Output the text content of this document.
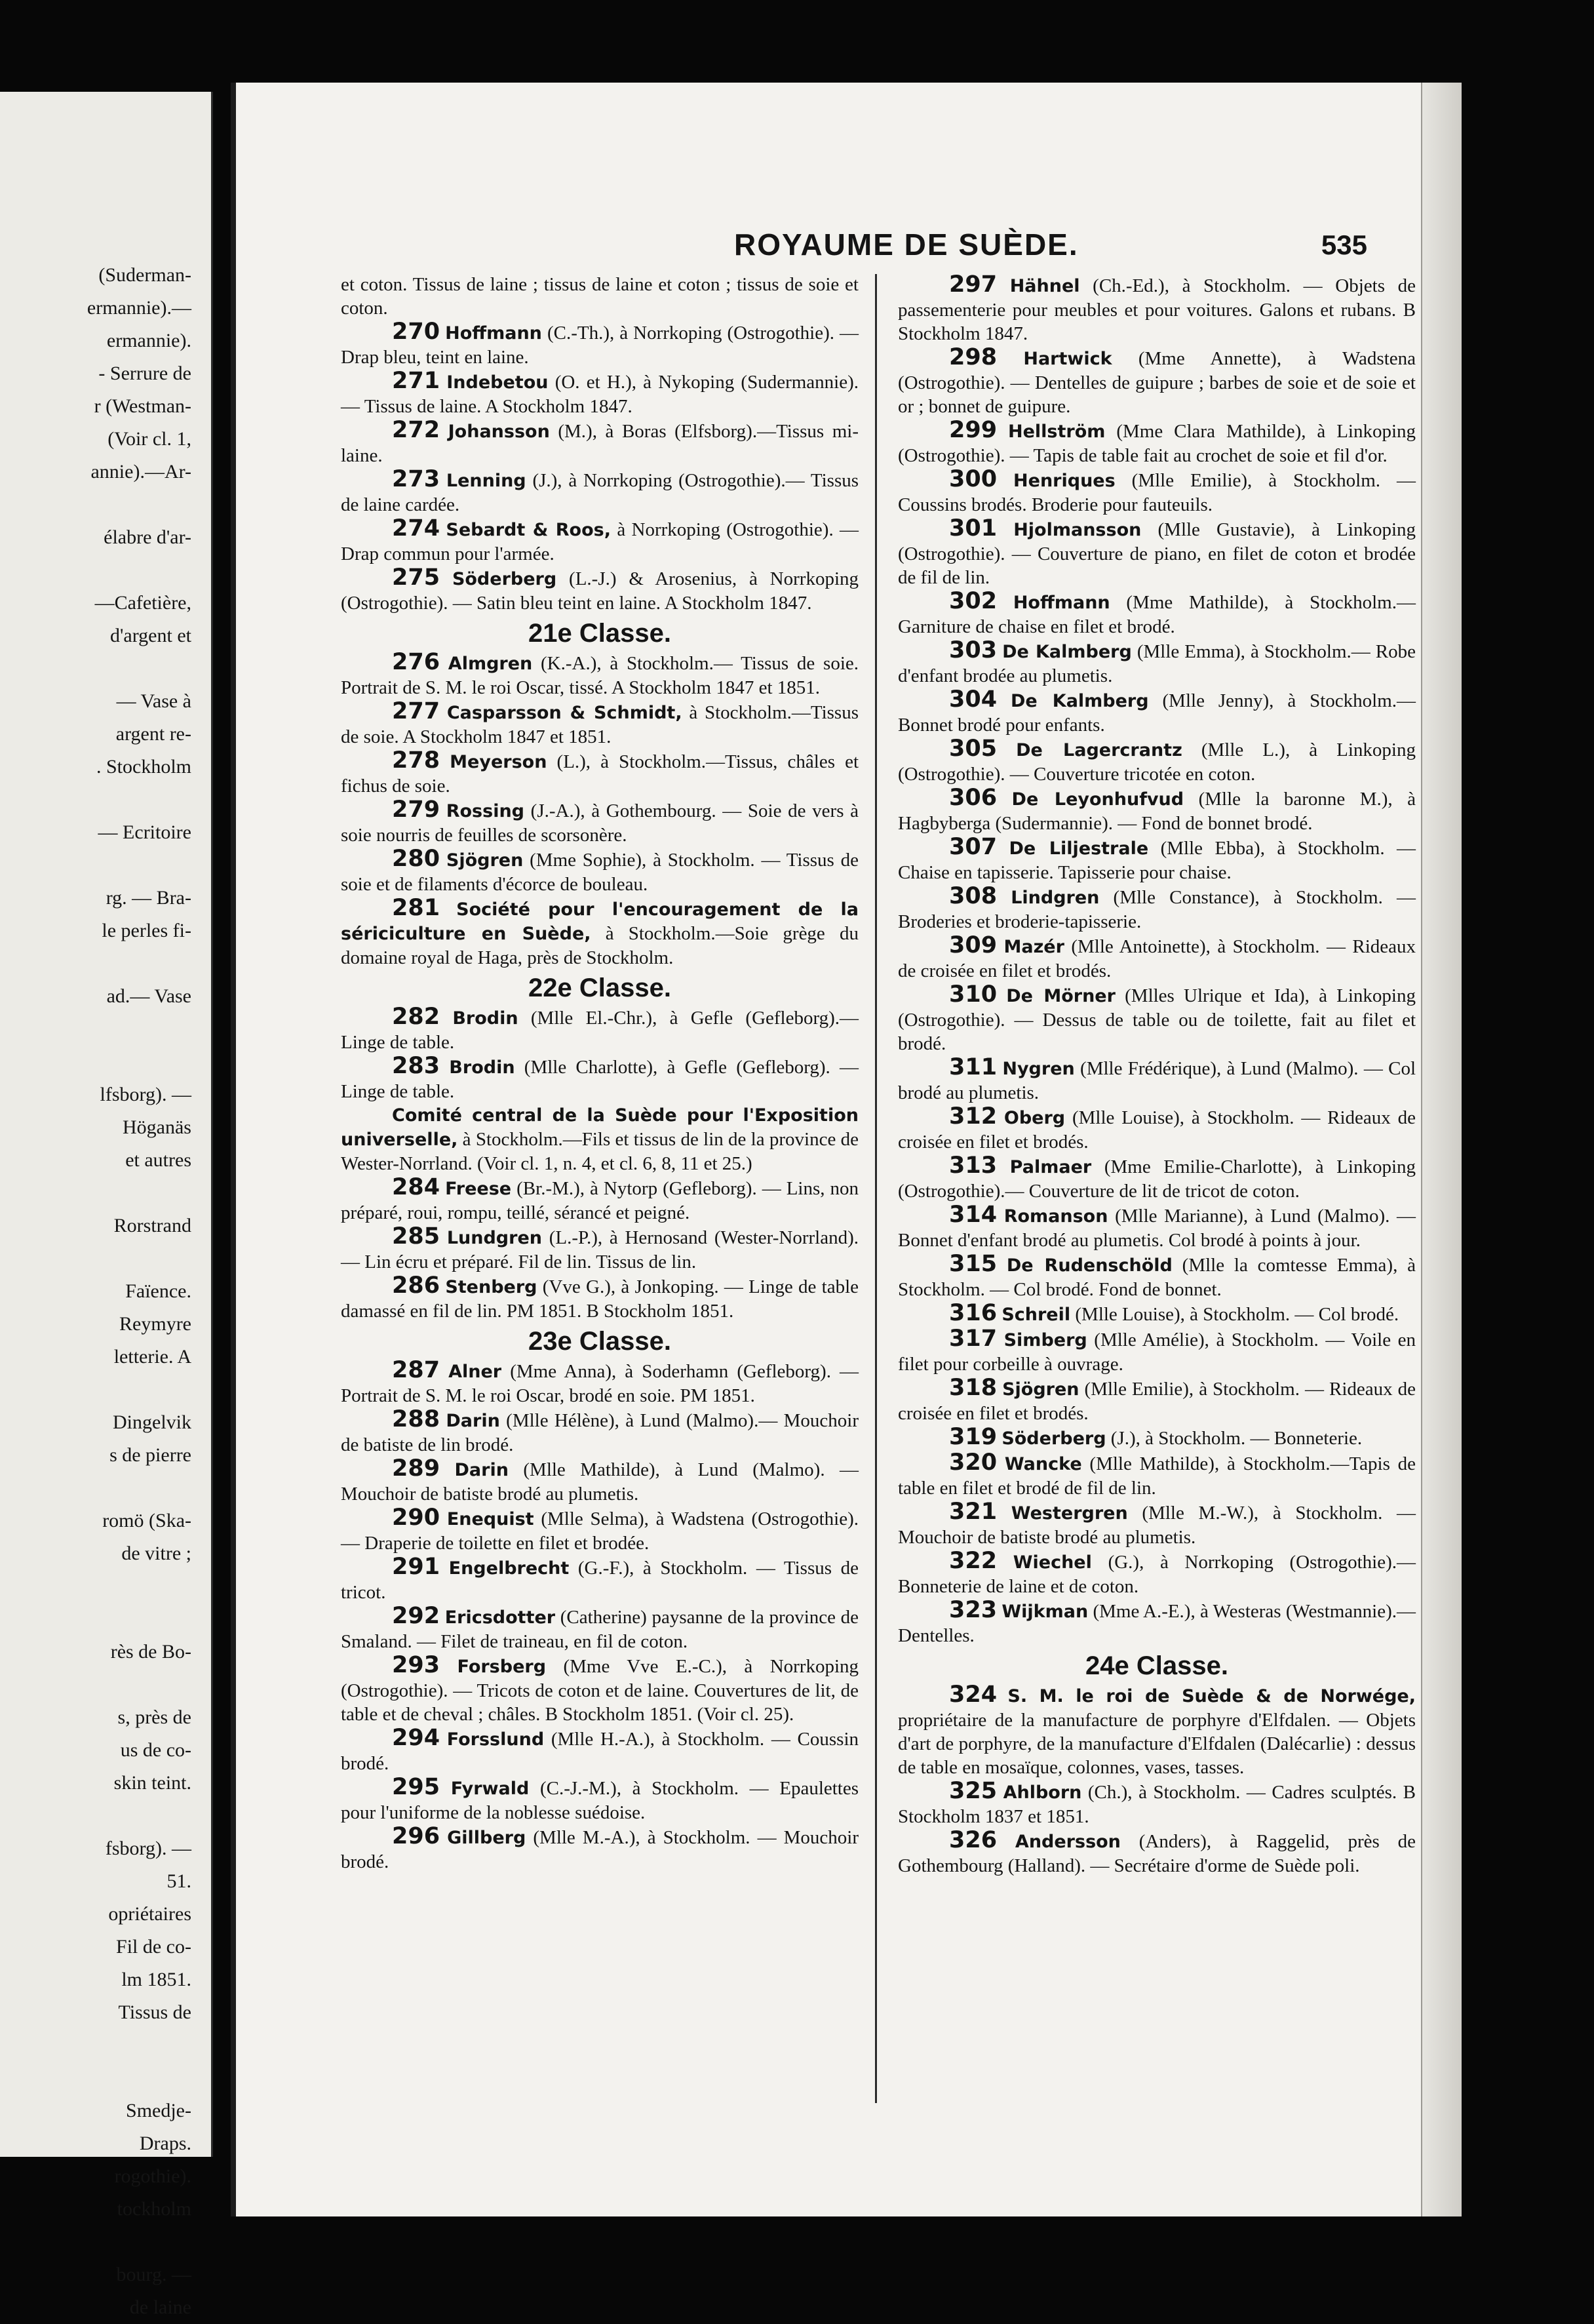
(Suderman-
ermannie).—
ermannie).
- Serrure de
r (Westman-
(Voir cl. 1,
annie).—Ar-
élabre d'ar-
—Cafetière,
d'argent et
— Vase à
argent re-
. Stockholm
— Ecritoire
rg. — Bra-
le perles fi-
ad.— Vase
lfsborg). —
Höganäs
et autres
Rorstrand
Faïence.
Reymyre
letterie. A
Dingelvik
s de pierre
romö (Ska-
de vitre ;
rès de Bo-
s, près de
us de co-
skin teint.
fsborg). —
51.
opriétaires
Fil de co-
lm 1851.
Tissus de
Smedje-
Draps.
rogothie).
tockholm
bourg. —
de laine
ROYAUME DE SUÈDE.	535

et coton. Tissus de laine ; tissus de laine et coton ; tissus de soie et coton.

270 Hoffmann (C.-Th.), à Norrkoping (Ostrogothie). — Drap bleu, teint en laine.

271 Indebetou (O. et H.), à Nykoping (Sudermannie). — Tissus de laine. A Stockholm 1847.

272 Johansson (M.), à Boras (Elfsborg).—Tissus mi-laine.

273 Lenning (J.), à Norrkoping (Ostrogothie).— Tissus de laine cardée.

274 Sebardt & Roos, à Norrkoping (Ostrogothie). — Drap commun pour l'armée.

275 Söderberg (L.-J.) & Arosenius, à Norrkoping (Ostrogothie). — Satin bleu teint en laine. A Stockholm 1847.

21e Classe.

276 Almgren (K.-A.), à Stockholm.— Tissus de soie. Portrait de S. M. le roi Oscar, tissé. A Stockholm 1847 et 1851.

277 Casparsson & Schmidt, à Stockholm.—Tissus de soie. A Stockholm 1847 et 1851.

278 Meyerson (L.), à Stockholm.—Tissus, châles et fichus de soie.

279 Rossing (J.-A.), à Gothembourg. — Soie de vers à soie nourris de feuilles de scorsonère.

280 Sjögren (Mme Sophie), à Stockholm. — Tissus de soie et de filaments d'écorce de bouleau.

281 Société pour l'encouragement de la sériciculture en Suède, à Stockholm.—Soie grège du domaine royal de Haga, près de Stockholm.

22e Classe.

282 Brodin (Mlle El.-Chr.), à Gefle (Gefleborg).— Linge de table.

283 Brodin (Mlle Charlotte), à Gefle (Gefleborg). — Linge de table.

Comité central de la Suède pour l'Exposition universelle, à Stockholm.—Fils et tissus de lin de la province de Wester-Norrland. (Voir cl. 1, n. 4, et cl. 6, 8, 11 et 25.)

284 Freese (Br.-M.), à Nytorp (Gefleborg). — Lins, non préparé, roui, rompu, teillé, sérancé et peigné.

285 Lundgren (L.-P.), à Hernosand (Wester-Norrland). — Lin écru et préparé. Fil de lin. Tissus de lin.

286 Stenberg (Vve G.), à Jonkoping. — Linge de table damassé en fil de lin. PM 1851. B Stockholm 1851.

23e Classe.

287 Alner (Mme Anna), à Soderhamn (Gefleborg). — Portrait de S. M. le roi Oscar, brodé en soie. PM 1851.

288 Darin (Mlle Hélène), à Lund (Malmo).— Mouchoir de batiste de lin brodé.

289 Darin (Mlle Mathilde), à Lund (Malmo). — Mouchoir de batiste brodé au plumetis.

290 Enequist (Mlle Selma), à Wadstena (Ostrogothie). — Draperie de toilette en filet et brodée.

291 Engelbrecht (G.-F.), à Stockholm. — Tissus de tricot.

292 Ericsdotter (Catherine) paysanne de la province de Smaland. — Filet de traineau, en fil de coton.

293 Forsberg (Mme Vve E.-C.), à Norrkoping (Ostrogothie). — Tricots de coton et de laine. Couvertures de lit, de table et de cheval ; châles. B Stockholm 1851. (Voir cl. 25).

294 Forsslund (Mlle H.-A.), à Stockholm. — Coussin brodé.

295 Fyrwald (C.-J.-M.), à Stockholm. — Epaulettes pour l'uniforme de la noblesse suédoise.

296 Gillberg (Mlle M.-A.), à Stockholm. — Mouchoir brodé.

297 Hähnel (Ch.-Ed.), à Stockholm. — Objets de passementerie pour meubles et pour voitures. Galons et rubans. B Stockholm 1847.

298 Hartwick (Mme Annette), à Wadstena (Ostrogothie). — Dentelles de guipure ; barbes de soie et de soie et or ; bonnet de guipure.

299 Hellström (Mme Clara Mathilde), à Linkoping (Ostrogothie). — Tapis de table fait au crochet de soie et fil d'or.

300 Henriques (Mlle Emilie), à Stockholm. — Coussins brodés. Broderie pour fauteuils.

301 Hjolmansson (Mlle Gustavie), à Linkoping (Ostrogothie). — Couverture de piano, en filet de coton et brodée de fil de lin.

302 Hoffmann (Mme Mathilde), à Stockholm.— Garniture de chaise en filet et brodé.

303 De Kalmberg (Mlle Emma), à Stockholm.— Robe d'enfant brodée au plumetis.

304 De Kalmberg (Mlle Jenny), à Stockholm.— Bonnet brodé pour enfants.

305 De Lagercrantz (Mlle L.), à Linkoping (Ostrogothie). — Couverture tricotée en coton.

306 De Leyonhufvud (Mlle la baronne M.), à Hagbyberga (Sudermannie). — Fond de bonnet brodé.

307 De Liljestrale (Mlle Ebba), à Stockholm. — Chaise en tapisserie. Tapisserie pour chaise.

308 Lindgren (Mlle Constance), à Stockholm. — Broderies et broderie-tapisserie.

309 Mazér (Mlle Antoinette), à Stockholm. — Rideaux de croisée en filet et brodés.

310 De Mörner (Mlles Ulrique et Ida), à Linkoping (Ostrogothie). — Dessus de table ou de toilette, fait au filet et brodé.

311 Nygren (Mlle Frédérique), à Lund (Malmo). — Col brodé au plumetis.

312 Oberg (Mlle Louise), à Stockholm. — Rideaux de croisée en filet et brodés.

313 Palmaer (Mme Emilie-Charlotte), à Linkoping (Ostrogothie).— Couverture de lit de tricot de coton.

314 Romanson (Mlle Marianne), à Lund (Malmo). — Bonnet d'enfant brodé au plumetis. Col brodé à points à jour.

315 De Rudenschöld (Mlle la comtesse Emma), à Stockholm. — Col brodé. Fond de bonnet.

316 Schreil (Mlle Louise), à Stockholm. — Col brodé.

317 Simberg (Mlle Amélie), à Stockholm. — Voile en filet pour corbeille à ouvrage.

318 Sjögren (Mlle Emilie), à Stockholm. — Rideaux de croisée en filet et brodés.

319 Söderberg (J.), à Stockholm. — Bonneterie.

320 Wancke (Mlle Mathilde), à Stockholm.—Tapis de table en filet et brodé de fil de lin.

321 Westergren (Mlle M.-W.), à Stockholm. — Mouchoir de batiste brodé au plumetis.

322 Wiechel (G.), à Norrkoping (Ostrogothie).— Bonneterie de laine et de coton.

323 Wijkman (Mme A.-E.), à Westeras (Westmannie).—Dentelles.

24e Classe.

324 S. M. le roi de Suède & de Norwége, propriétaire de la manufacture de porphyre d'Elfdalen. — Objets d'art de porphyre, de la manufacture d'Elfdalen (Dalécarlie) : dessus de table en mosaïque, colonnes, vases, tasses.

325 Ahlborn (Ch.), à Stockholm. — Cadres sculptés. B Stockholm 1837 et 1851.

326 Andersson (Anders), à Raggelid, près de Gothembourg (Halland). — Secrétaire d'orme de Suède poli.
